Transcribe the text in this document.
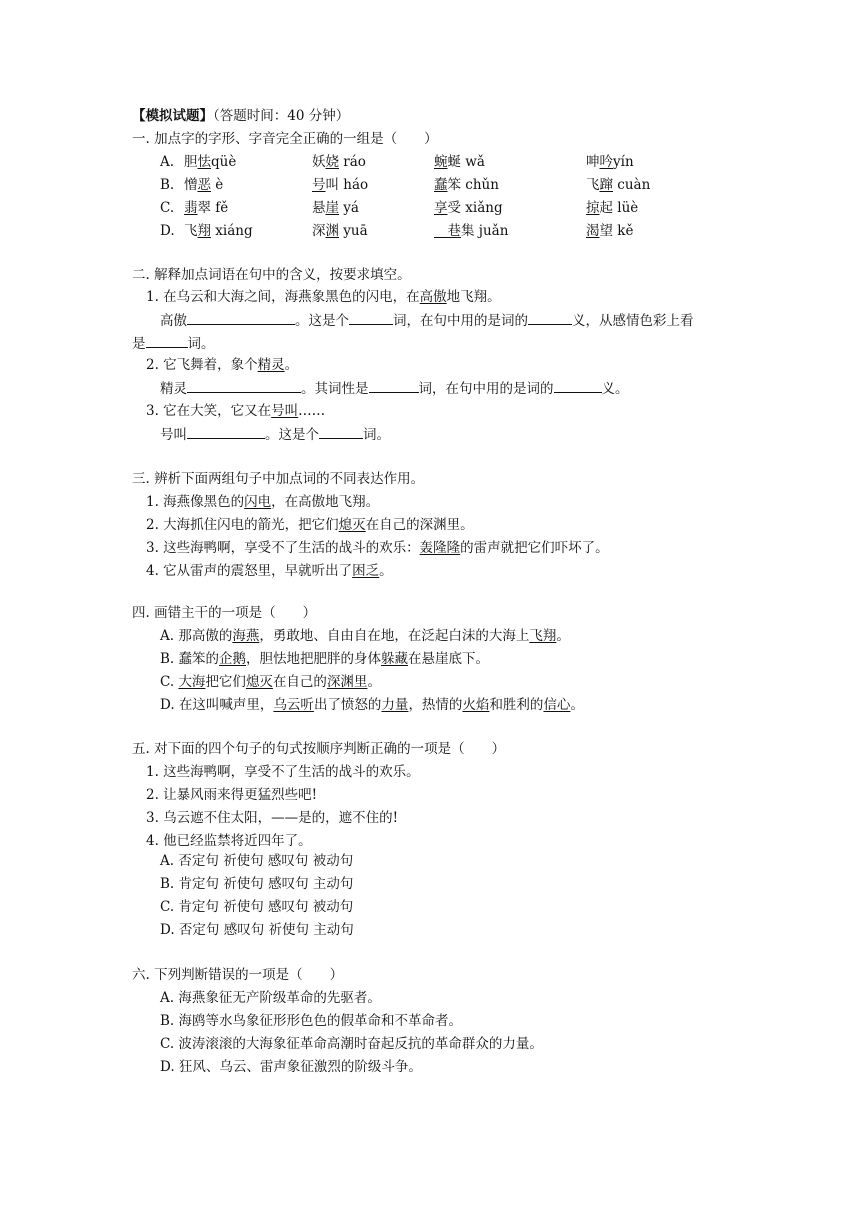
【模拟试题】（答题时间：40 分钟）
一. 加点字的字形、字音完全正确的一组是（　　）
A. 胆怯qüè	妖娆 ráo	蜿蜒 wǎ	呻吟yín
B. 憎恶 è	号叫 háo	蠢笨 chǔn	飞蹿 cuàn
C. 翡翠 fě	悬崖 yá	享受 xiǎng	掠起 lüè
D. 飞翔 xiáng	深渊 yuā	　巷集 juǎn	渴望 kě
二. 解释加点词语在句中的含义，按要求填空。
1. 在乌云和大海之间，海燕象黑色的闪电，在高傲地飞翔。
高傲	。这是个	词，在句中用的是词的	义，从感情色彩上看
是	词。
2. 它飞舞着，象个精灵。
精灵	。其词性是	词，在句中用的是词的	义。
3. 它在大笑，它又在号叫……
号叫	。这是个	词。
三. 辨析下面两组句子中加点词的不同表达作用。
1. 海燕像黑色的闪电，在高傲地飞翔。
2. 大海抓住闪电的箭光，把它们熄灭在自己的深渊里。
3. 这些海鸭啊，享受不了生活的战斗的欢乐：轰隆隆的雷声就把它们吓坏了。
4. 它从雷声的震怒里，早就听出了困乏。
四. 画错主干的一项是（　　）
A. 那高傲的海燕，勇敢地、自由自在地，在泛起白沫的大海上飞翔。
B. 蠢笨的企鹅，胆怯地把肥胖的身体躲藏在悬崖底下。
C. 大海把它们熄灭在自己的深渊里。
D. 在这叫喊声里，乌云听出了愤怒的力量，热情的火焰和胜利的信心。
五. 对下面的四个句子的句式按顺序判断正确的一项是（　　）
1. 这些海鸭啊，享受不了生活的战斗的欢乐。
2. 让暴风雨来得更猛烈些吧!
3. 乌云遮不住太阳，——是的，遮不住的!
4. 他已经监禁将近四年了。
A. 否定句 祈使句 感叹句 被动句
B. 肯定句 祈使句 感叹句 主动句
C. 肯定句 祈使句 感叹句 被动句
D. 否定句 感叹句 祈使句 主动句
六. 下列判断错误的一项是（　　）
A. 海燕象征无产阶级革命的先驱者。
B. 海鸥等水鸟象征形形色色的假革命和不革命者。
C. 波涛滚滚的大海象征革命高潮时奋起反抗的革命群众的力量。
D. 狂风、乌云、雷声象征激烈的阶级斗争。
